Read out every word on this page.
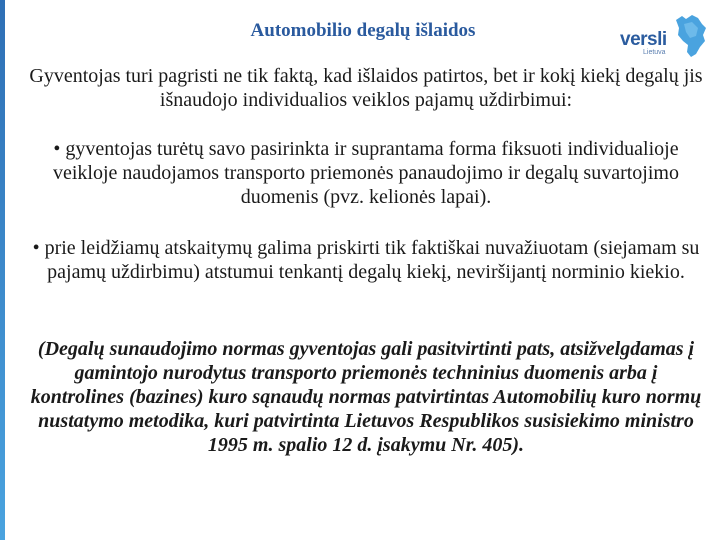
Automobilio degalų išlaidos	versli
Lietuva

Gyventojas turi pagristi ne tik faktą, kad išlaidos patirtos, bet ir kokį kiekį degalų jis išnaudojo individualios veiklos pajamų uždirbimui:

• gyventojas turėtų savo pasirinkta ir suprantama forma fiksuoti individualioje veikloje naudojamos transporto priemonės panaudojimo ir degalų suvartojimo duomenis (pvz. kelionės lapai).

• prie leidžiamų atskaitymų galima priskirti tik faktiškai nuvažiuotam (siejamam su pajamų uždirbimu) atstumui tenkantį degalų kiekį, neviršijantį norminio kiekio.

(Degalų sunaudojimo normas gyventojas gali pasitvirtinti pats, atsižvelgdamas į gamintojo nurodytus transporto priemonės techninius duomenis arba į kontrolines (bazines) kuro sąnaudų normas patvirtintas Automobilių kuro normų nustatymo metodika, kuri patvirtinta Lietuvos Respublikos susisiekimo ministro 1995 m. spalio 12 d. įsakymu Nr. 405).
